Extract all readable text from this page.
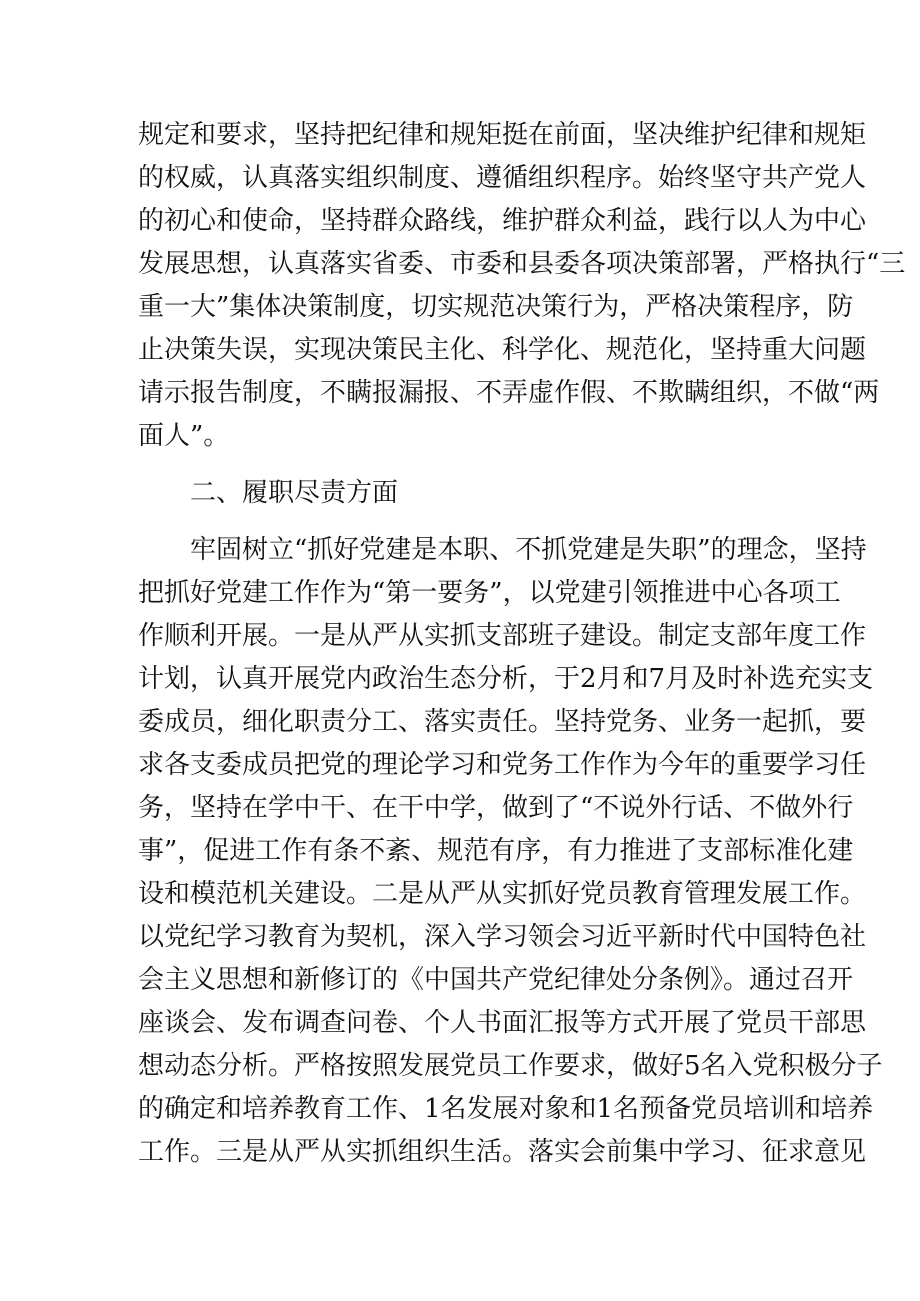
规定和要求，坚持把纪律和规矩挺在前面，坚决维护纪律和规矩
的权威，认真落实组织制度、遵循组织程序。始终坚守共产党人
的初心和使命，坚持群众路线，维护群众利益，践行以人为中心
发展思想，认真落实省委、市委和县委各项决策部署，严格执行“三
重一大”集体决策制度，切实规范决策行为，严格决策程序，防
止决策失误，实现决策民主化、科学化、规范化，坚持重大问题
请示报告制度，不瞒报漏报、不弄虚作假、不欺瞒组织，不做“两
面人”。
二、履职尽责方面
牢固树立“抓好党建是本职、不抓党建是失职”的理念，坚持
把抓好党建工作作为“第一要务”，以党建引领推进中心各项工
作顺利开展。一是从严从实抓支部班子建设。制定支部年度工作
计划，认真开展党内政治生态分析，于2月和7月及时补选充实支
委成员，细化职责分工、落实责任。坚持党务、业务一起抓，要
求各支委成员把党的理论学习和党务工作作为今年的重要学习任
务，坚持在学中干、在干中学，做到了“不说外行话、不做外行
事”，促进工作有条不紊、规范有序，有力推进了支部标准化建
设和模范机关建设。二是从严从实抓好党员教育管理发展工作。
以党纪学习教育为契机，深入学习领会习近平新时代中国特色社
会主义思想和新修订的《中国共产党纪律处分条例》。通过召开
座谈会、发布调查问卷、个人书面汇报等方式开展了党员干部思
想动态分析。严格按照发展党员工作要求，做好5名入党积极分子
的确定和培养教育工作、1名发展对象和1名预备党员培训和培养
工作。三是从严从实抓组织生活。落实会前集中学习、征求意见
